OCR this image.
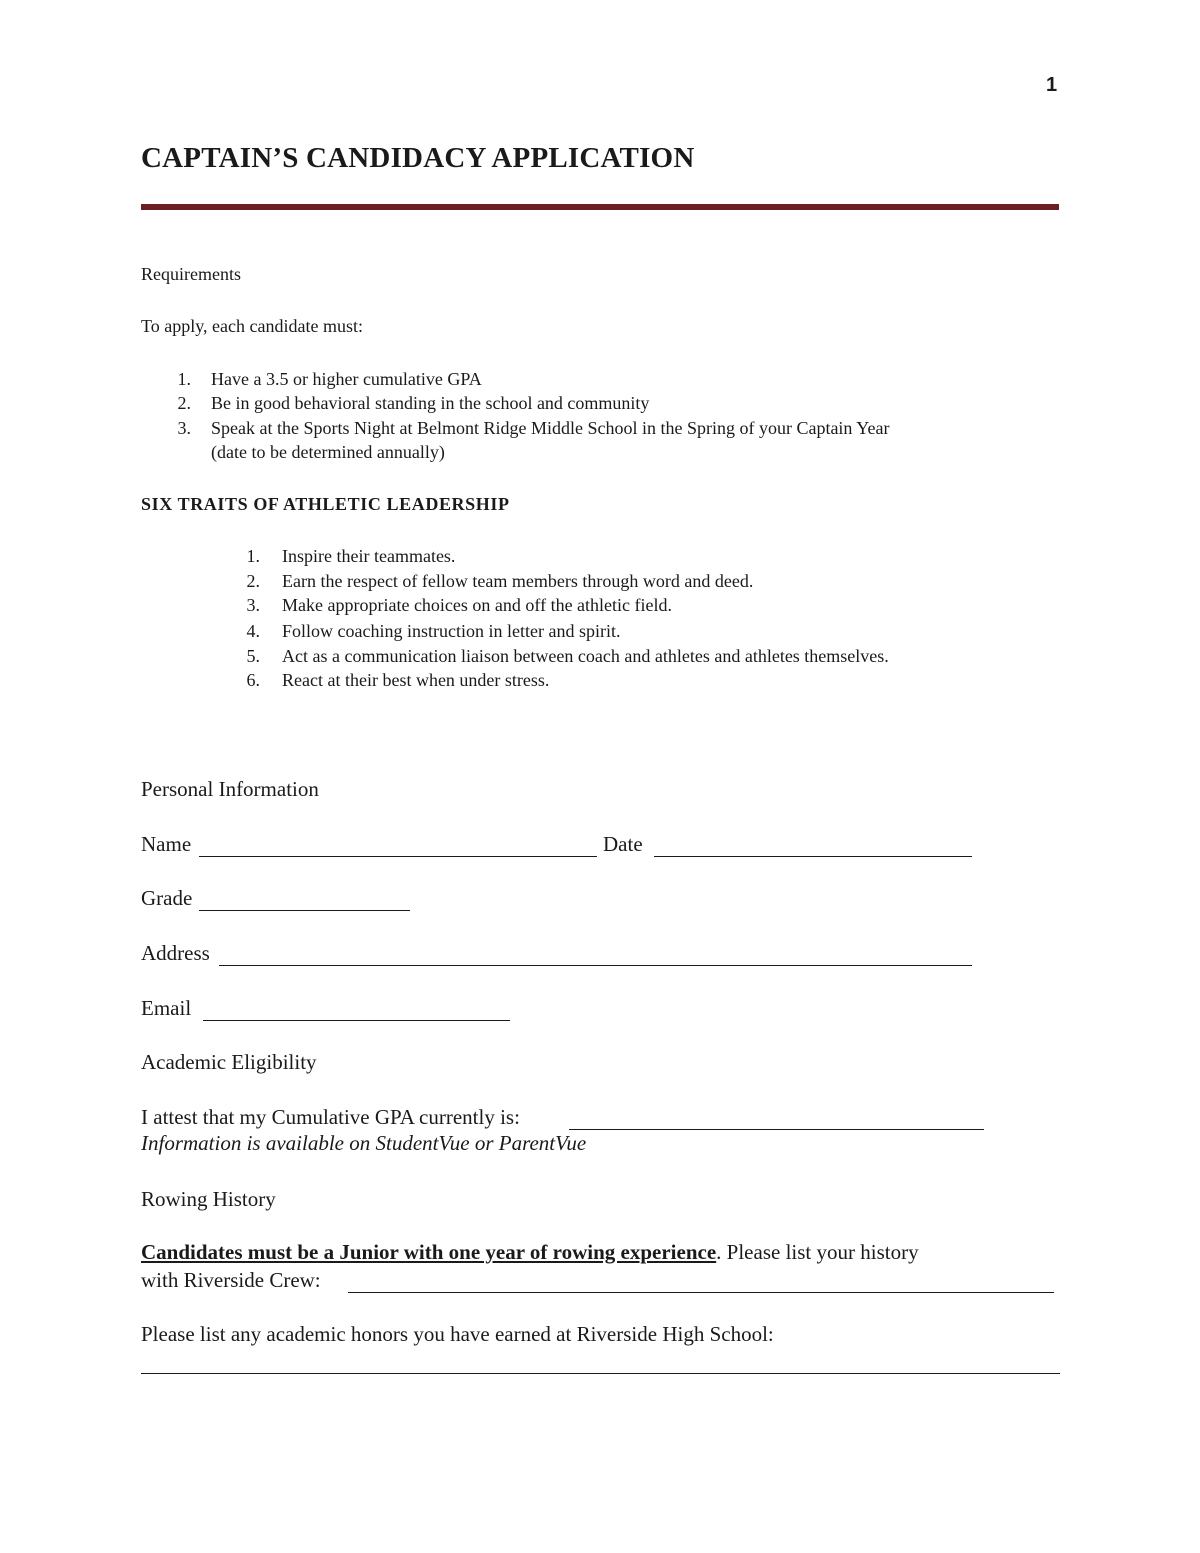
1
CAPTAIN’S CANDIDACY APPLICATION
Requirements
To apply, each candidate must:
1. Have a 3.5 or higher cumulative GPA
2. Be in good behavioral standing in the school and community
3. Speak at the Sports Night at Belmont Ridge Middle School in the Spring of your Captain Year
(date to be determined annually)
SIX TRAITS OF ATHLETIC LEADERSHIP
1. Inspire their teammates.
2. Earn the respect of fellow team members through word and deed.
3. Make appropriate choices on and off the athletic field.
4. Follow coaching instruction in letter and spirit.
5. Act as a communication liaison between coach and athletes and athletes themselves.
6. React at their best when under stress.
Personal Information
Name	Date
Grade
Address
Email
Academic Eligibility
I attest that my Cumulative GPA currently is:
Information is available on StudentVue or ParentVue
Rowing History
Candidates must be a Junior with one year of rowing experience. Please list your history
with Riverside Crew:
Please list any academic honors you have earned at Riverside High School:
